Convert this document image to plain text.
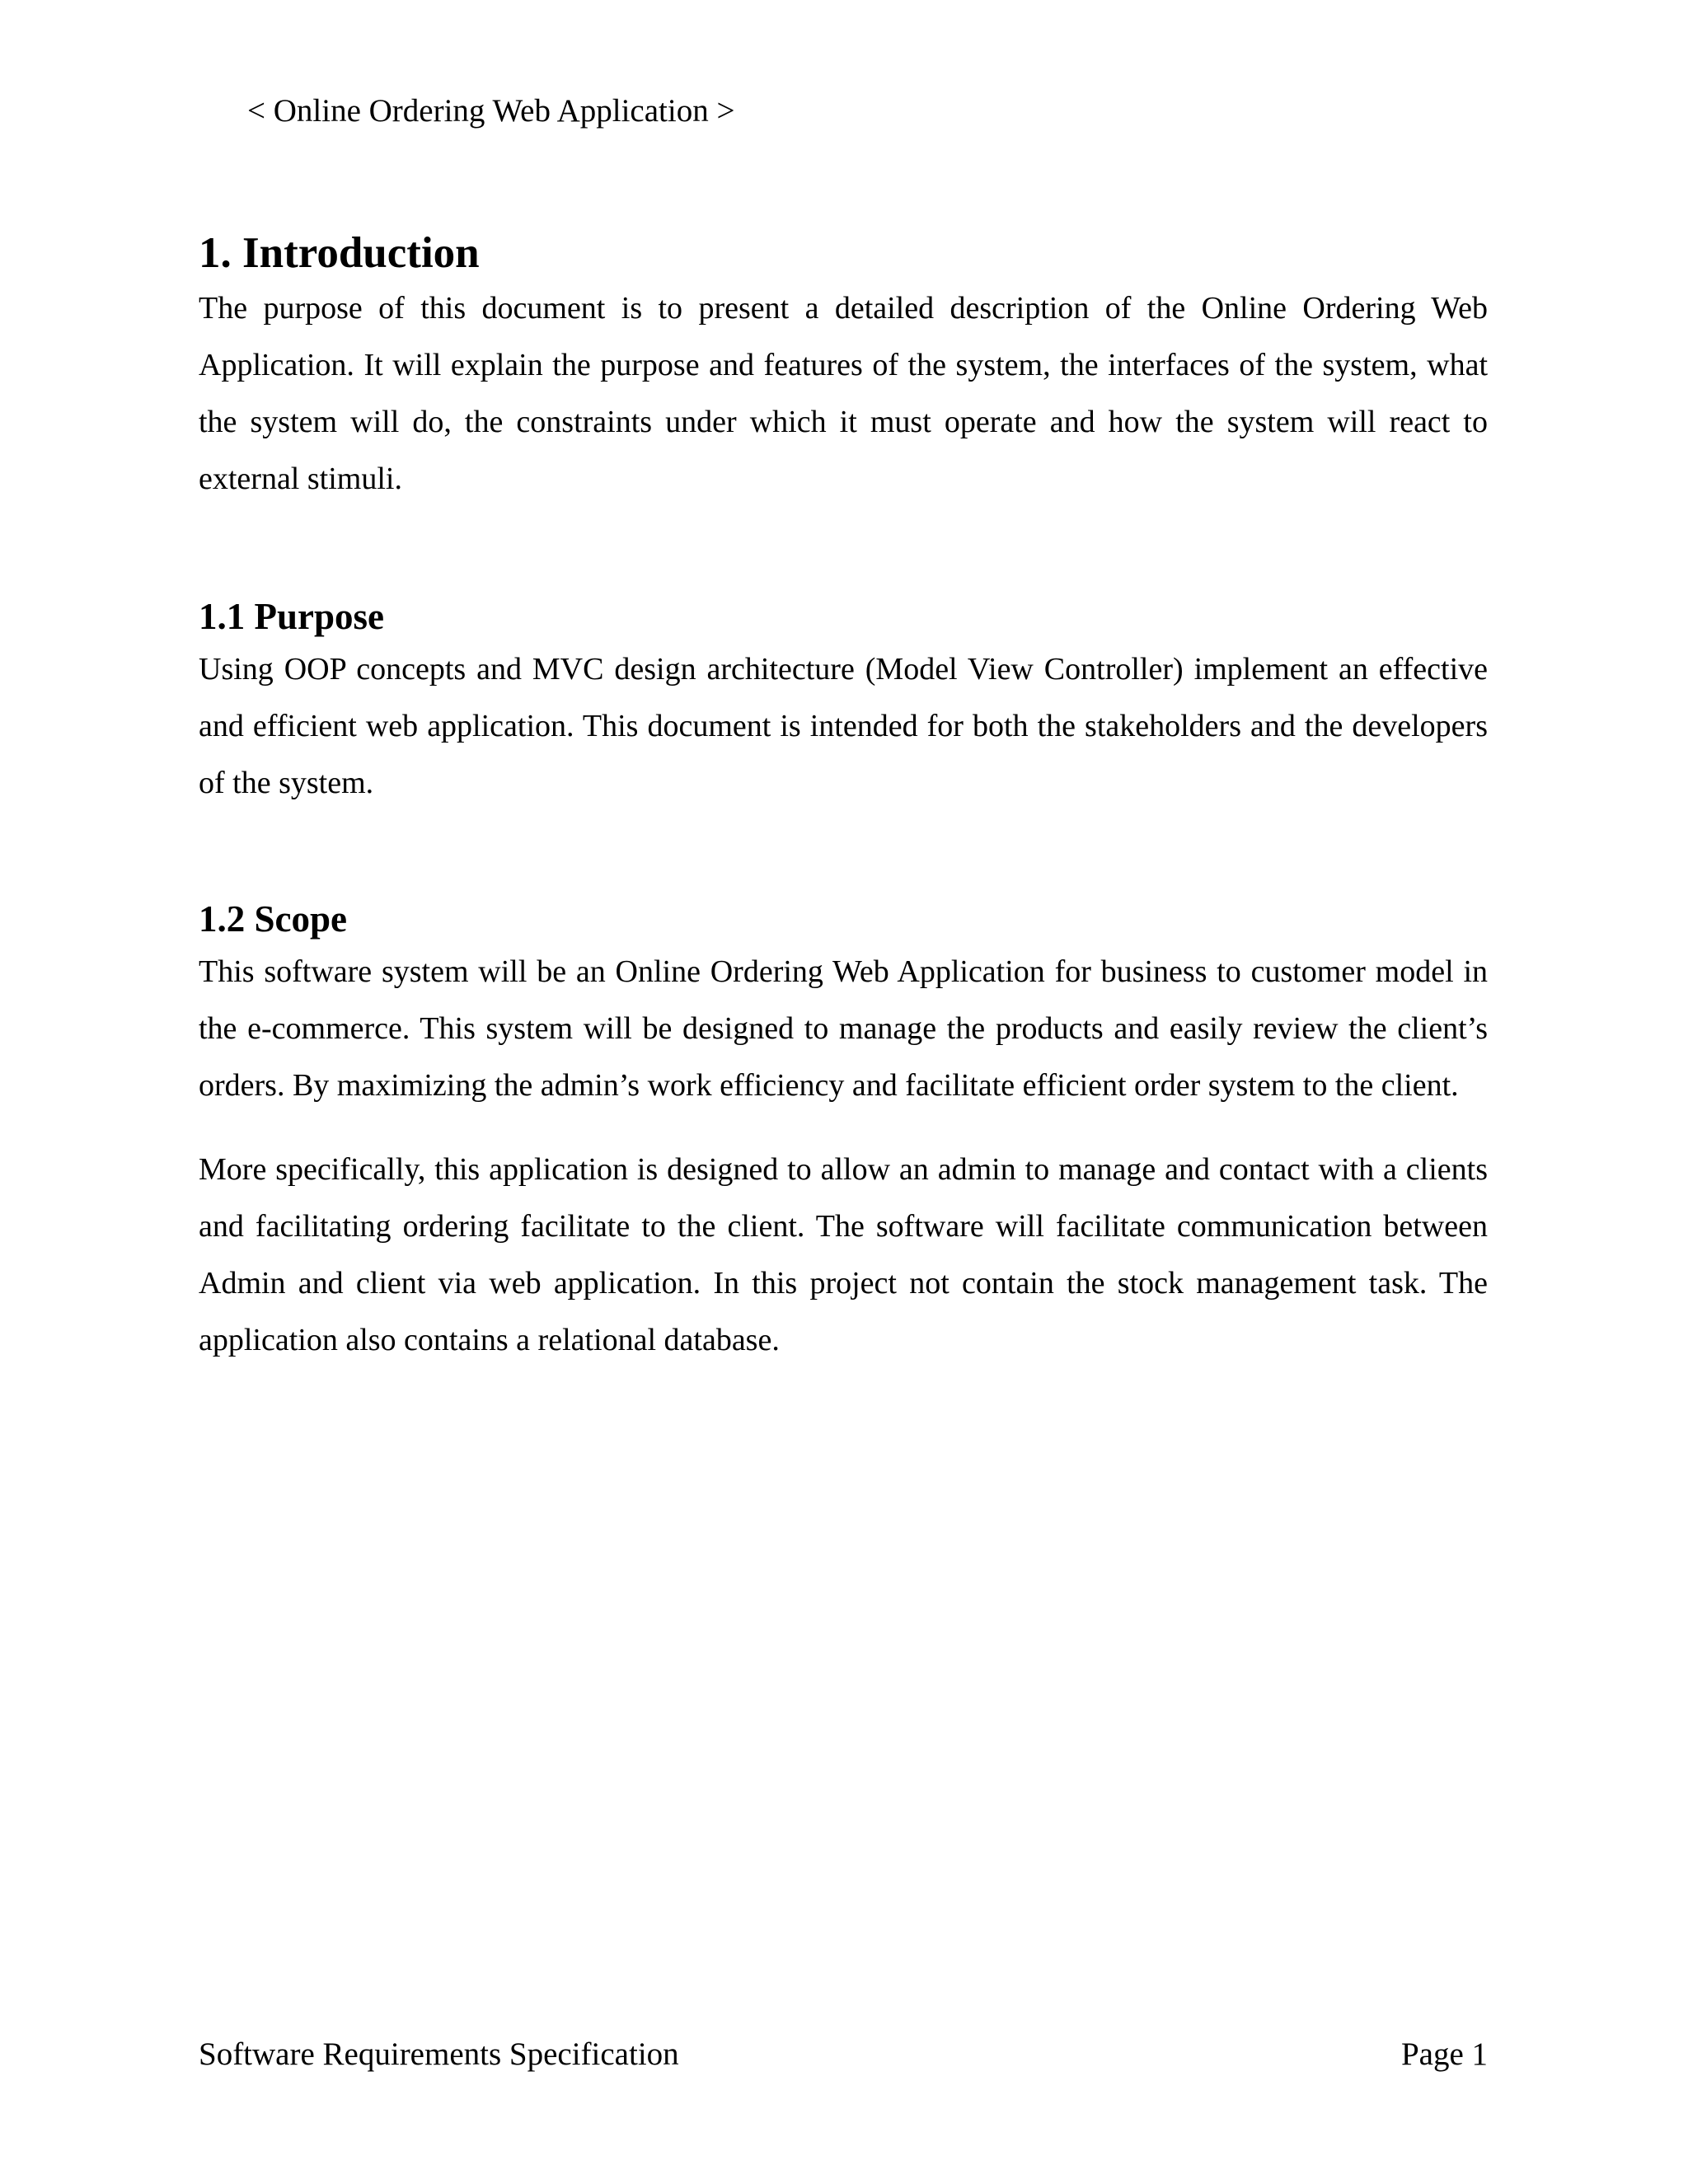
< Online Ordering Web Application >
1. Introduction

The purpose of this document is to present a detailed description of the Online Ordering Web Application. It will explain the purpose and features of the system, the interfaces of the system, what the system will do, the constraints under which it must operate and how the system will react to external stimuli.

1.1 Purpose

Using OOP concepts and MVC design architecture (Model View Controller) implement an effective and efficient web application. This document is intended for both the stakeholders and the developers of the system.

1.2 Scope

This software system will be an Online Ordering Web Application for business to customer model in the e-commerce. This system will be designed to manage the products and easily review the client’s orders. By maximizing the admin’s work efficiency and facilitate efficient order system to the client.

More specifically, this application is designed to allow an admin to manage and contact with a clients and facilitating ordering facilitate to the client. The software will facilitate communication between Admin and client via web application. In this project not contain the stock management task. The application also contains a relational database.

Software Requirements Specification	Page 1
